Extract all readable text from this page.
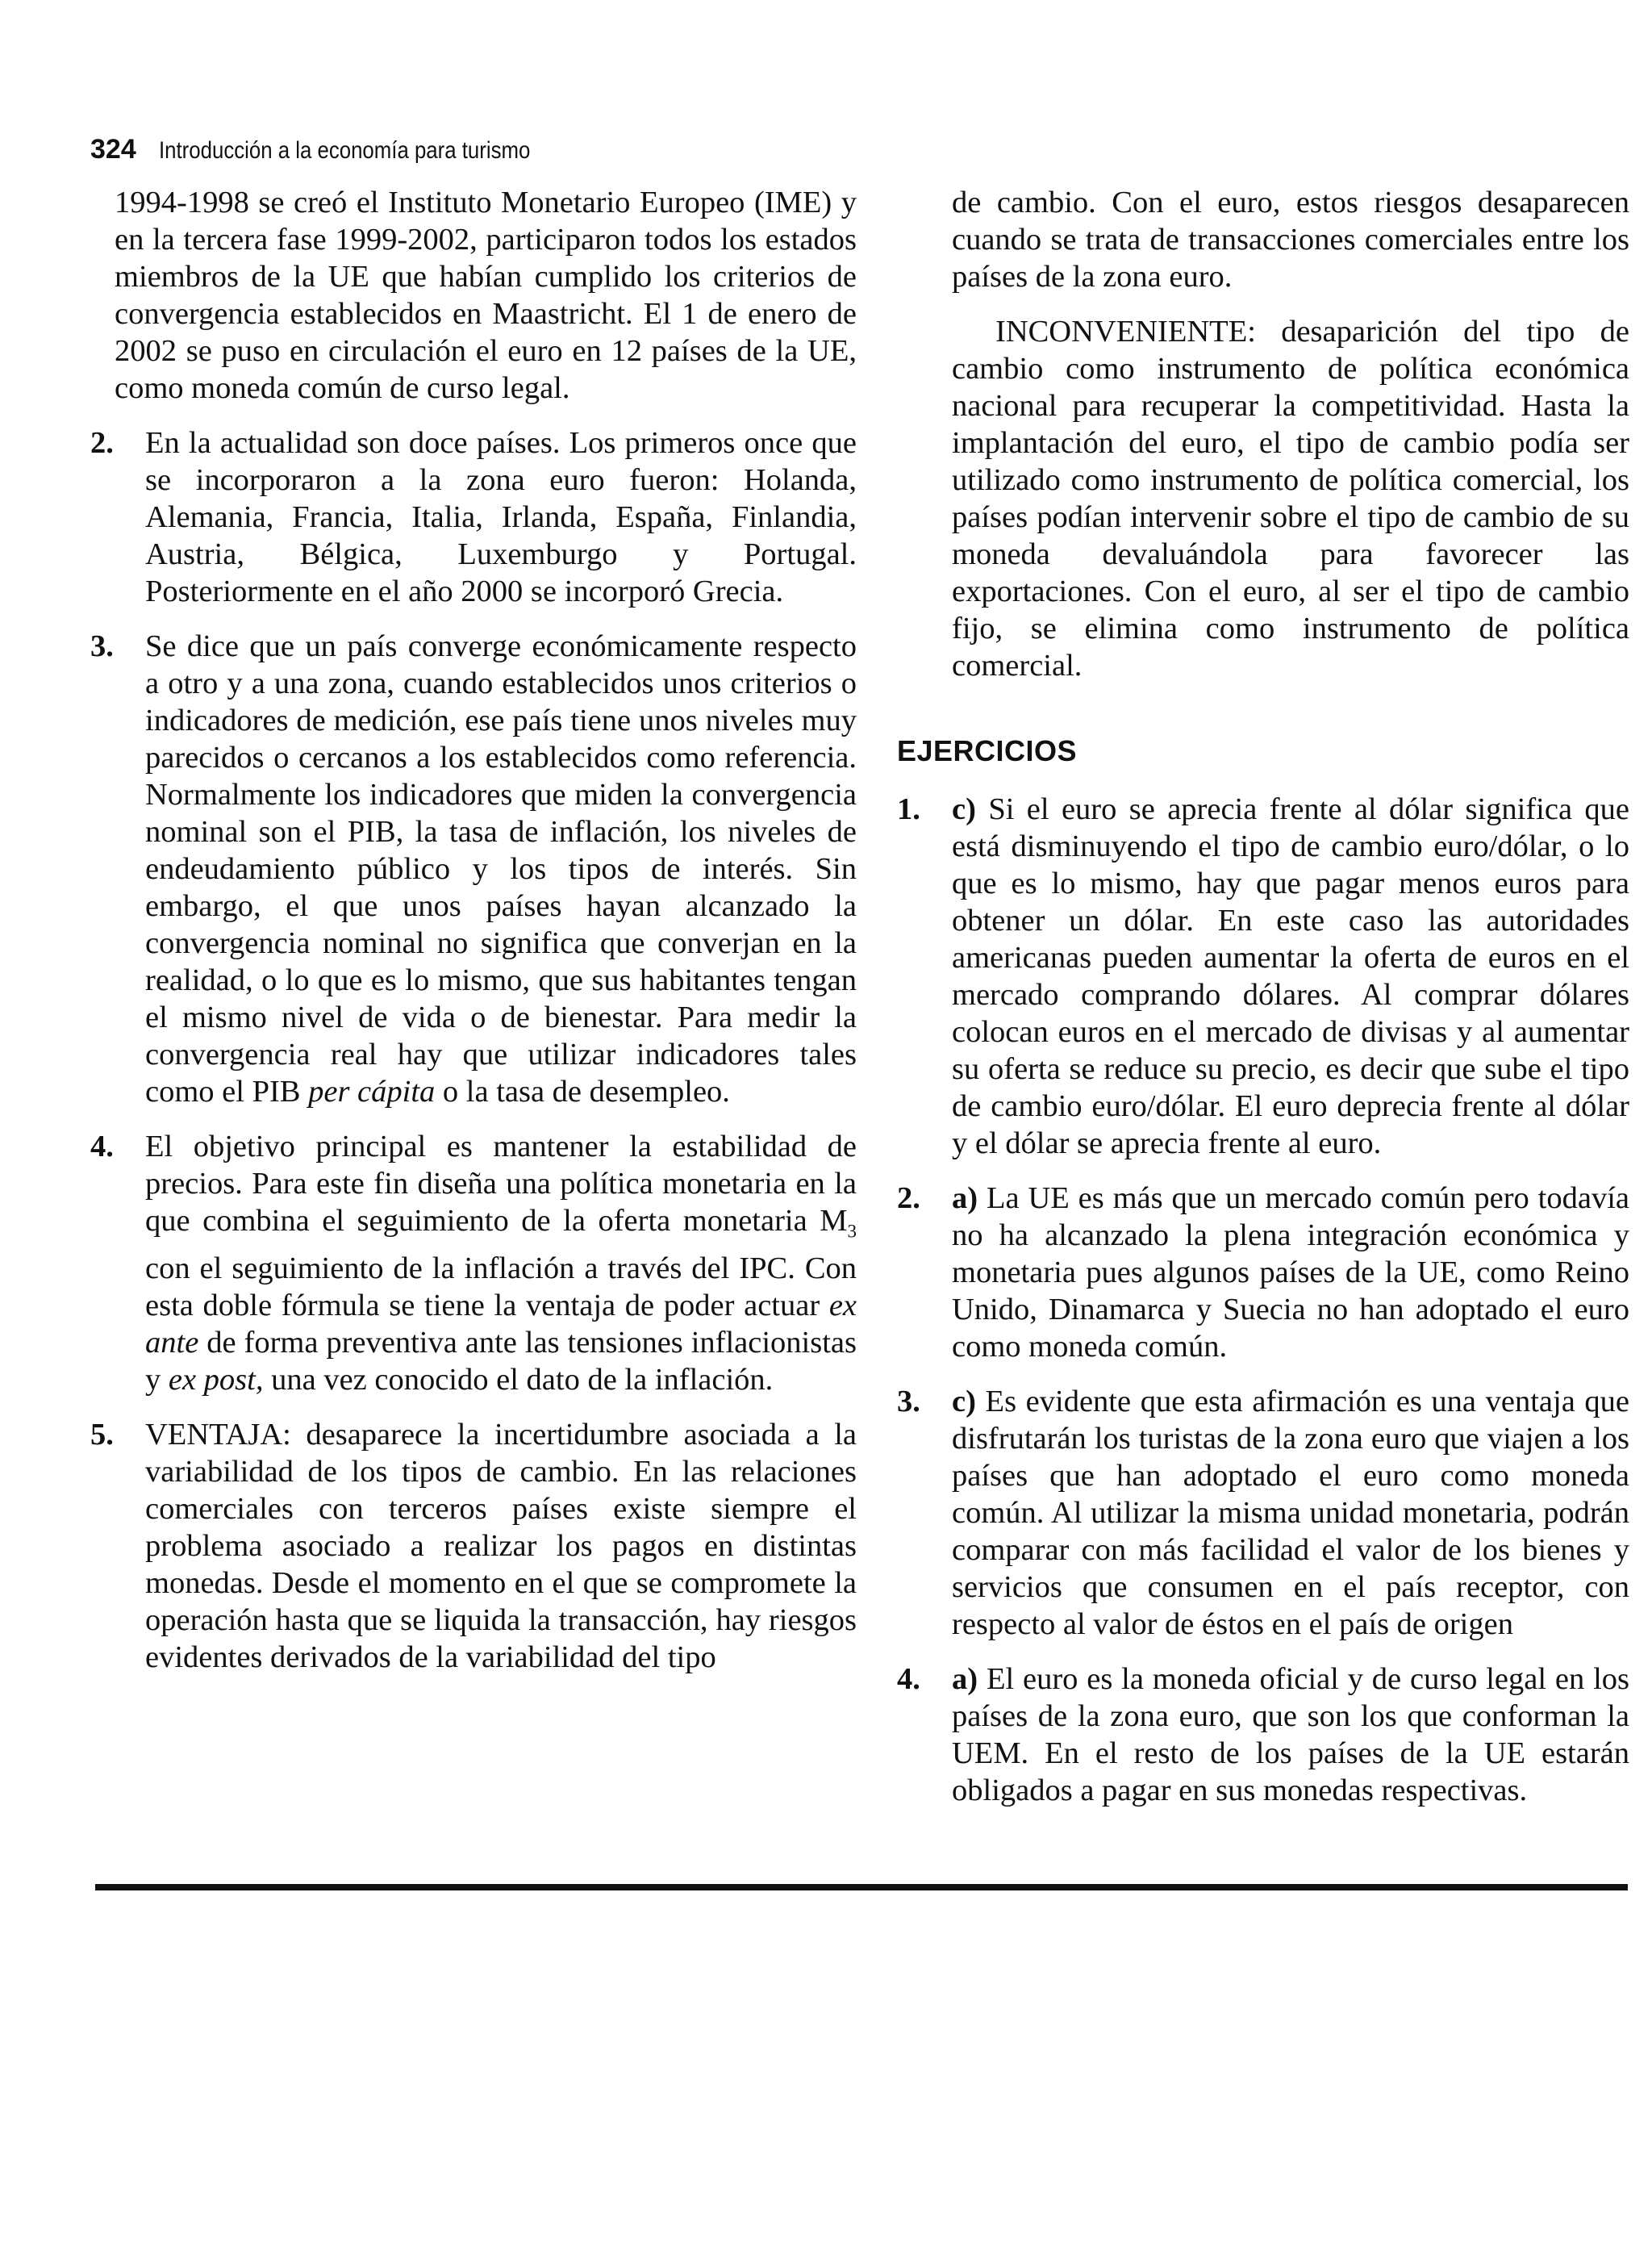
324 Introducción a la economía para turismo

1994-1998 se creó el Instituto Monetario Europeo (IME) y en la tercera fase 1999-2002, participaron todos los estados miembros de la UE que habían cumplido los criterios de convergencia establecidos en Maastricht. El 1 de enero de 2002 se puso en circulación el euro en 12 países de la UE, como moneda común de curso legal.

2. En la actualidad son doce países. Los primeros once que se incorporaron a la zona euro fueron: Holanda, Alemania, Francia, Italia, Irlanda, España, Finlandia, Austria, Bélgica, Luxemburgo y Portugal. Posteriormente en el año 2000 se incorporó Grecia.
3. Se dice que un país converge económicamente respecto a otro y a una zona, cuando establecidos unos criterios o indicadores de medición, ese país tiene unos niveles muy parecidos o cercanos a los establecidos como referencia. Normalmente los indicadores que miden la convergencia nominal son el PIB, la tasa de inflación, los niveles de endeudamiento público y los tipos de interés. Sin embargo, el que unos países hayan alcanzado la convergencia nominal no significa que converjan en la realidad, o lo que es lo mismo, que sus habitantes tengan el mismo nivel de vida o de bienestar. Para medir la convergencia real hay que utilizar indicadores tales como el PIB per cápita o la tasa de desempleo.
4. El objetivo principal es mantener la estabilidad de precios. Para este fin diseña una política monetaria en la que combina el seguimiento de la oferta monetaria $M_3$ con el seguimiento de la inflación a través del IPC. Con esta doble fórmula se tiene la ventaja de poder actuar ex ante de forma preventiva ante las tensiones inflacionistas y ex post, una vez conocido el dato de la inflación.
5. VENTAJA: desaparece la incertidumbre asociada a la variabilidad de los tipos de cambio. En las relaciones comerciales con terceros países existe siempre el problema asociado a realizar los pagos en distintas monedas. Desde el momento en el que se compromete la operación hasta que se liquida la transacción, hay riesgos evidentes derivados de la variabilidad del tipo

de cambio. Con el euro, estos riesgos desaparecen cuando se trata de transacciones comerciales entre los países de la zona euro.

INCONVENIENTE: desaparición del tipo de cambio como instrumento de política económica nacional para recuperar la competitividad. Hasta la implantación del euro, el tipo de cambio podía ser utilizado como instrumento de política comercial, los países podían intervenir sobre el tipo de cambio de su moneda devaluándola para favorecer las exportaciones. Con el euro, al ser el tipo de cambio fijo, se elimina como instrumento de política comercial.

EJERCICIOS
1. c) Si el euro se aprecia frente al dólar significa que está disminuyendo el tipo de cambio euro/dólar, o lo que es lo mismo, hay que pagar menos euros para obtener un dólar. En este caso las autoridades americanas pueden aumentar la oferta de euros en el mercado comprando dólares. Al comprar dólares colocan euros en el mercado de divisas y al aumentar su oferta se reduce su precio, es decir que sube el tipo de cambio euro/dólar. El euro deprecia frente al dólar y el dólar se aprecia frente al euro.
2. a) La UE es más que un mercado común pero todavía no ha alcanzado la plena integración económica y monetaria pues algunos países de la UE, como Reino Unido, Dinamarca y Suecia no han adoptado el euro como moneda común.
3. c) Es evidente que esta afirmación es una ventaja que disfrutarán los turistas de la zona euro que viajen a los países que han adoptado el euro como moneda común. Al utilizar la misma unidad monetaria, podrán comparar con más facilidad el valor de los bienes y servicios que consumen en el país receptor, con respecto al valor de éstos en el país de origen
4. a) El euro es la moneda oficial y de curso legal en los países de la zona euro, que son los que conforman la UEM. En el resto de los países de la UE estarán obligados a pagar en sus monedas respectivas.
